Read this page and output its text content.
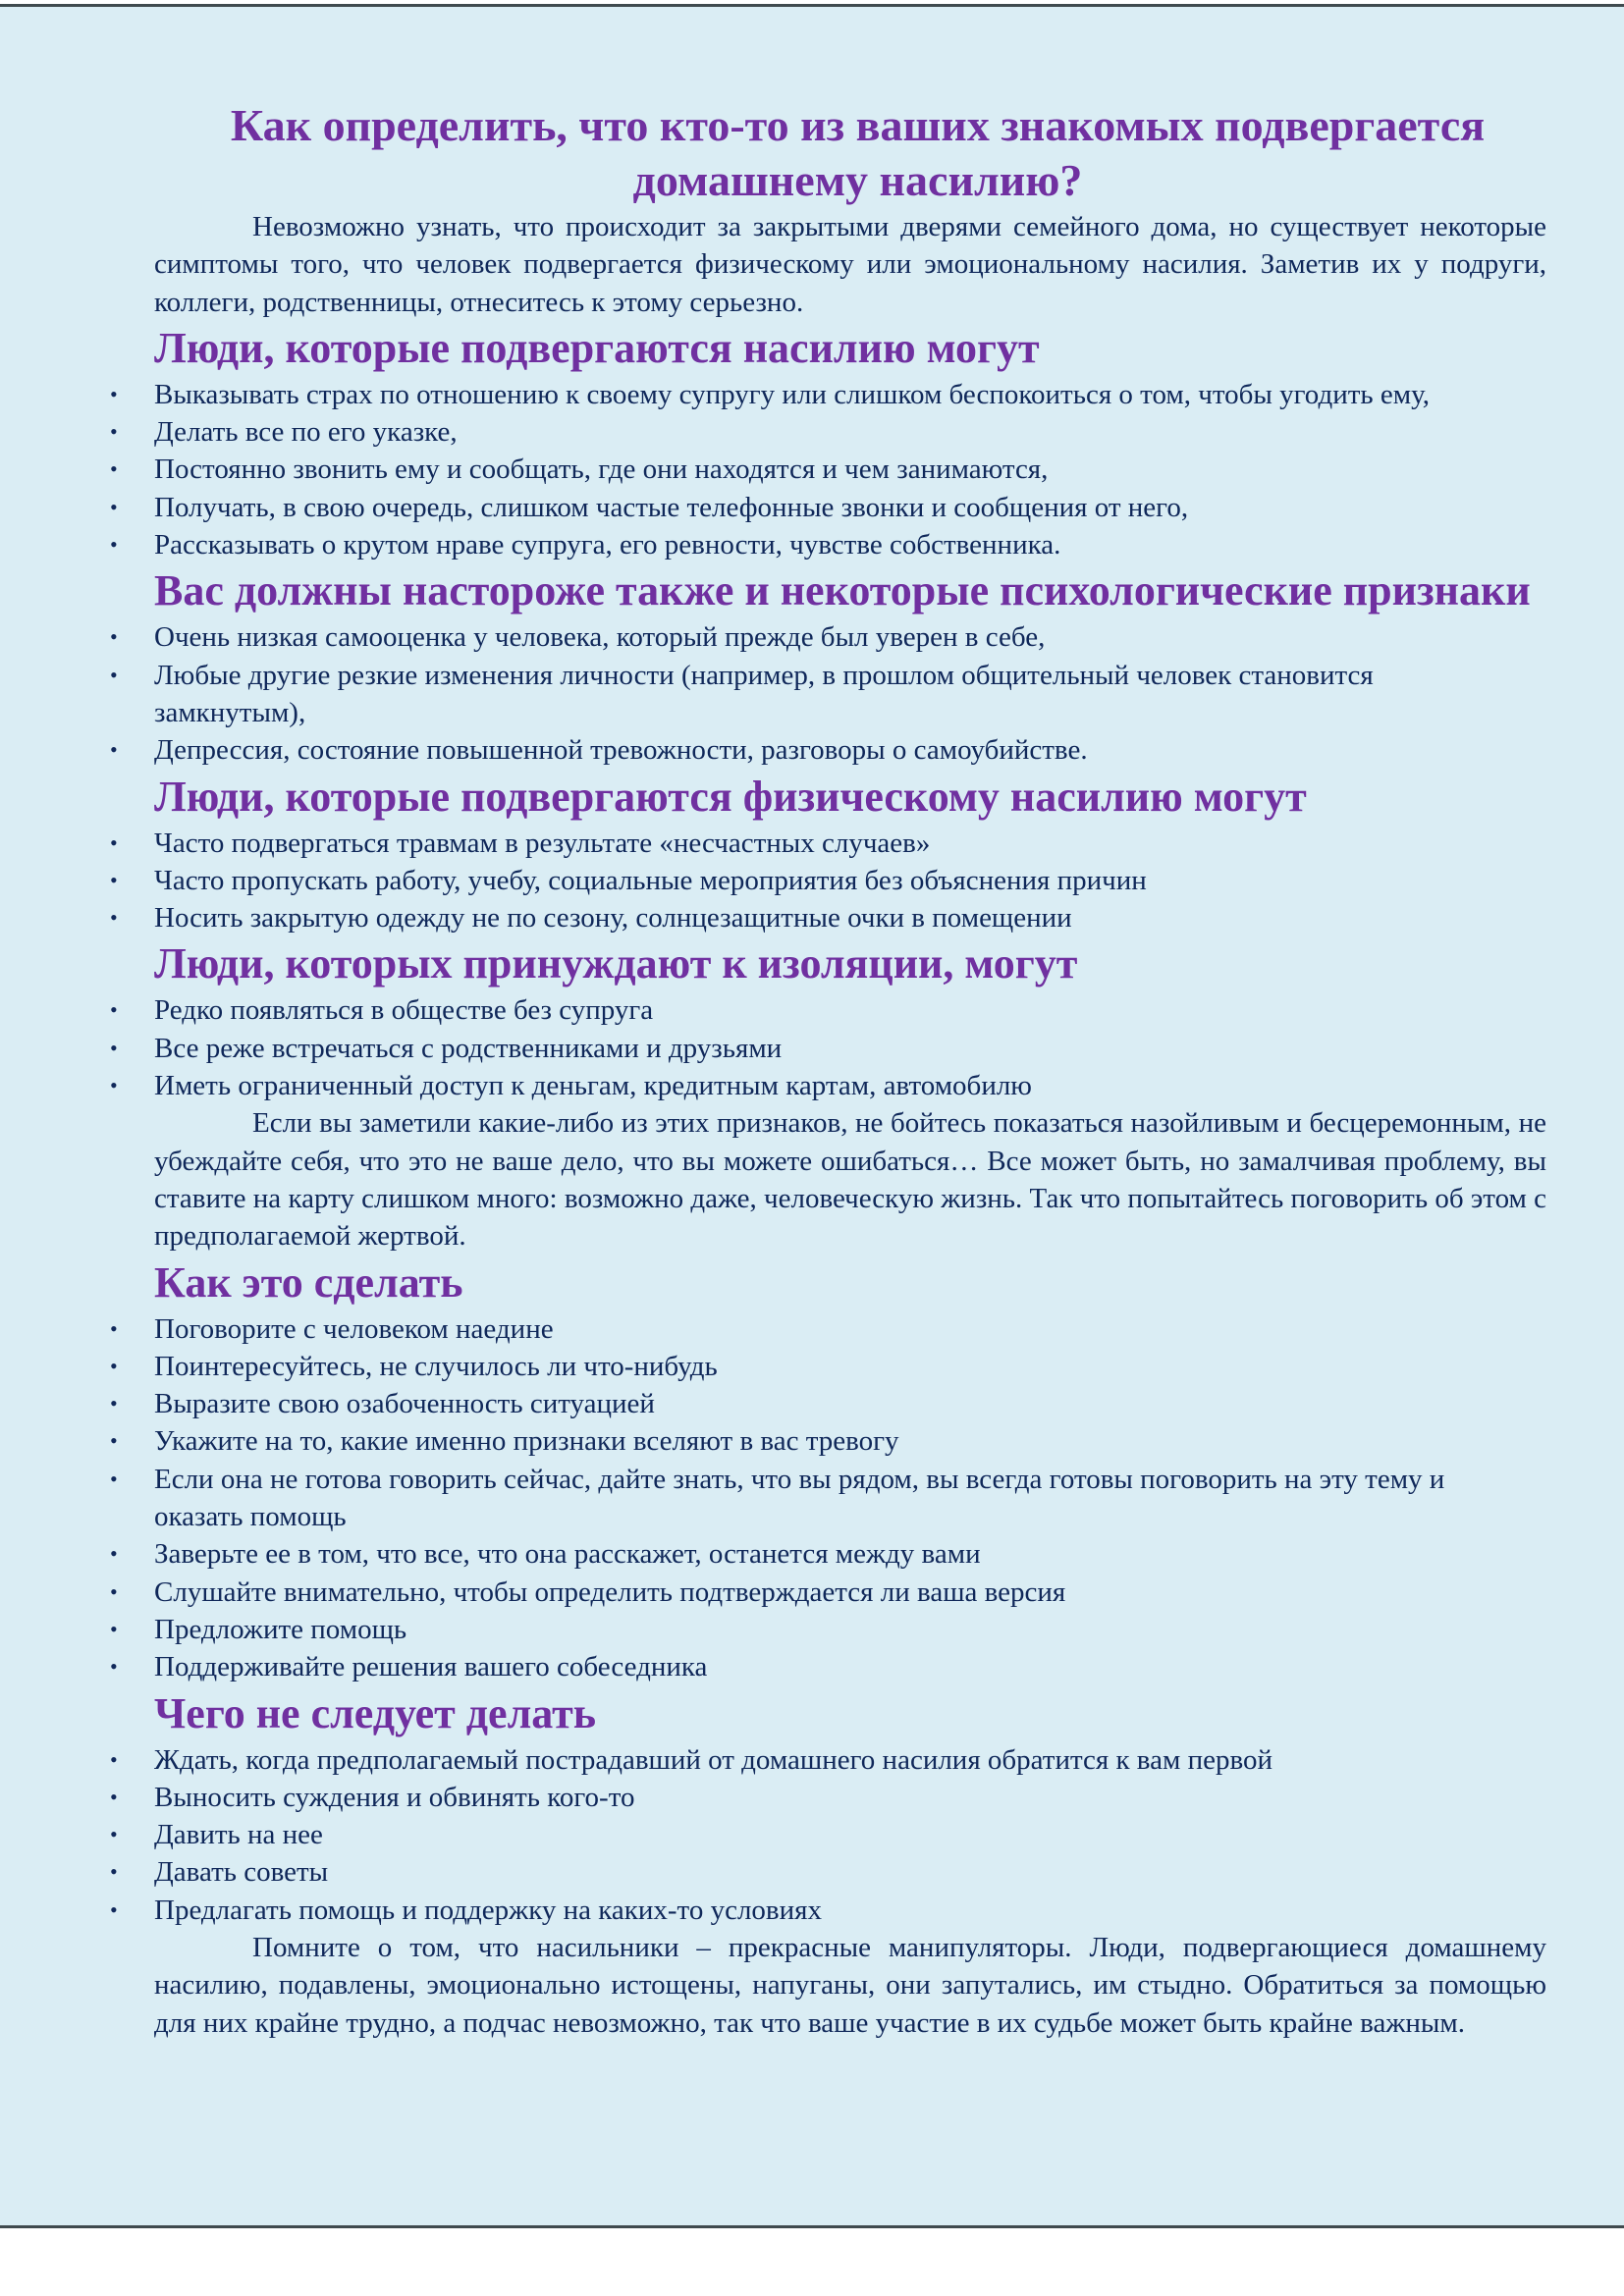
Как определить, что кто-то из ваших знакомых подвергается домашнему насилию?

Невозможно узнать, что происходит за закрытыми дверями семейного дома, но существует некоторые симптомы того, что человек подвергается физическому или эмоциональному насилия. Заметив их у подруги, коллеги, родственницы, отнеситесь к этому серьезно.

Люди, которые подвергаются насилию могут
• Выказывать страх по отношению к своему супругу или слишком беспокоиться о том, чтобы угодить ему,
• Делать все по его указке,
• Постоянно звонить ему и сообщать, где они находятся и чем занимаются,
• Получать, в свою очередь, слишком частые телефонные звонки и сообщения от него,
• Рассказывать о крутом нраве супруга, его ревности, чувстве собственника.
Вас должны настороже также и некоторые психологические признаки
• Очень низкая самооценка у человека, который прежде был уверен в себе,
• Любые другие резкие изменения личности (например, в прошлом общительный человек становится замкнутым),
• Депрессия, состояние повышенной тревожности, разговоры о самоубийстве.
Люди, которые подвергаются физическому насилию могут
• Часто подвергаться травмам в результате «несчастных случаев»
• Часто пропускать работу, учебу, социальные мероприятия без объяснения причин
• Носить закрытую одежду не по сезону, солнцезащитные очки в помещении
Люди, которых принуждают к изоляции, могут
• Редко появляться в обществе без супруга
• Все реже встречаться с родственниками и друзьями
• Иметь ограниченный доступ к деньгам, кредитным картам, автомобилю

Если вы заметили какие-либо из этих признаков, не бойтесь показаться назойливым и бесцеремонным, не убеждайте себя, что это не ваше дело, что вы можете ошибаться… Все может быть, но замалчивая проблему, вы ставите на карту слишком много: возможно даже, человеческую жизнь. Так что попытайтесь поговорить об этом с предполагаемой жертвой.

Как это сделать
• Поговорите с человеком наедине
• Поинтересуйтесь, не случилось ли что-нибудь
• Выразите свою озабоченность ситуацией
• Укажите на то, какие именно признаки вселяют в вас тревогу
• Если она не готова говорить сейчас, дайте знать, что вы рядом, вы всегда готовы поговорить на эту тему и оказать помощь
• Заверьте ее в том, что все, что она расскажет, останется между вами
• Слушайте внимательно, чтобы определить подтверждается ли ваша версия
• Предложите помощь
• Поддерживайте решения вашего собеседника
Чего не следует делать
• Ждать, когда предполагаемый пострадавший от домашнего насилия обратится к вам первой
• Выносить суждения и обвинять кого-то
• Давить на нее
• Давать советы
• Предлагать помощь и поддержку на каких-то условиях

Помните о том, что насильники – прекрасные манипуляторы. Люди, подвергающиеся домашнему насилию, подавлены, эмоционально истощены, напуганы, они запутались, им стыдно. Обратиться за помощью для них крайне трудно, а подчас невозможно, так что ваше участие в их судьбе может быть крайне важным.
